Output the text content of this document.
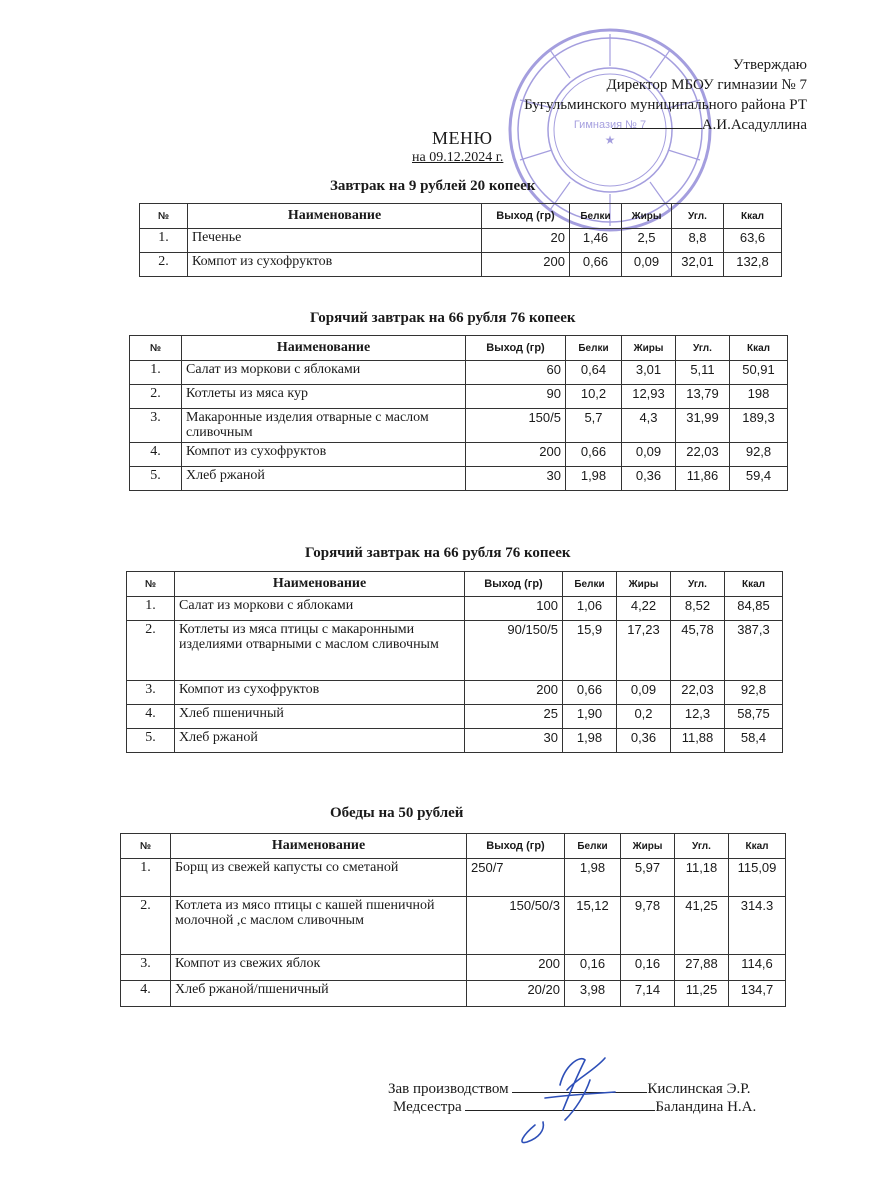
Гимназия № 7
★
Утверждаю
Директор МБОУ гимназии № 7
Бугульминского муниципального района РТ
А.И.Асадуллина
МЕНЮ
на 09.12.2024 г.
Завтрак на 9 рублей 20 копеек
№	Наименование	Выход (гр)	Белки	Жиры	Угл.	Ккал
1.	Печенье	20	1,46	2,5	8,8	63,6
2.	Компот из сухофруктов	200	0,66	0,09	32,01	132,8
Горячий завтрак на 66 рубля 76 копеек
№	Наименование	Выход (гр)	Белки	Жиры	Угл.	Ккал
1.	Салат из моркови с яблоками	60	0,64	3,01	5,11	50,91
2.	Котлеты из мяса кур	90	10,2	12,93	13,79	198
3.	Макаронные изделия отварные с маслом сливочным	150/5	5,7	4,3	31,99	189,3
4.	Компот из сухофруктов	200	0,66	0,09	22,03	92,8
5.	Хлеб ржаной	30	1,98	0,36	11,86	59,4
Горячий завтрак на 66 рубля 76 копеек
№	Наименование	Выход (гр)	Белки	Жиры	Угл.	Ккал
1.	Салат из моркови с яблоками	100	1,06	4,22	8,52	84,85
2.	Котлеты из мяса птицы с макаронными изделиями отварными с маслом сливочным	90/150/5	15,9	17,23	45,78	387,3
3.	Компот из сухофруктов	200	0,66	0,09	22,03	92,8
4.	Хлеб пшеничный	25	1,90	0,2	12,3	58,75
5.	Хлеб ржаной	30	1,98	0,36	11,88	58,4
Обеды на 50 рублей
№	Наименование	Выход (гр)	Белки	Жиры	Угл.	Ккал
1.	Борщ из свежей капусты со сметаной	250/7	1,98	5,97	11,18	115,09
2.	Котлета из мясо птицы с кашей пшеничной молочной ,с маслом сливочным	150/50/3	15,12	9,78	41,25	314.3
3.	Компот из свежих яблок	200	0,16	0,16	27,88	114,6
4.	Хлеб ржаной/пшеничный	20/20	3,98	7,14	11,25	134,7
Зав производством	Кислинская Э.Р.
Медсестра	Баландина Н.А.
